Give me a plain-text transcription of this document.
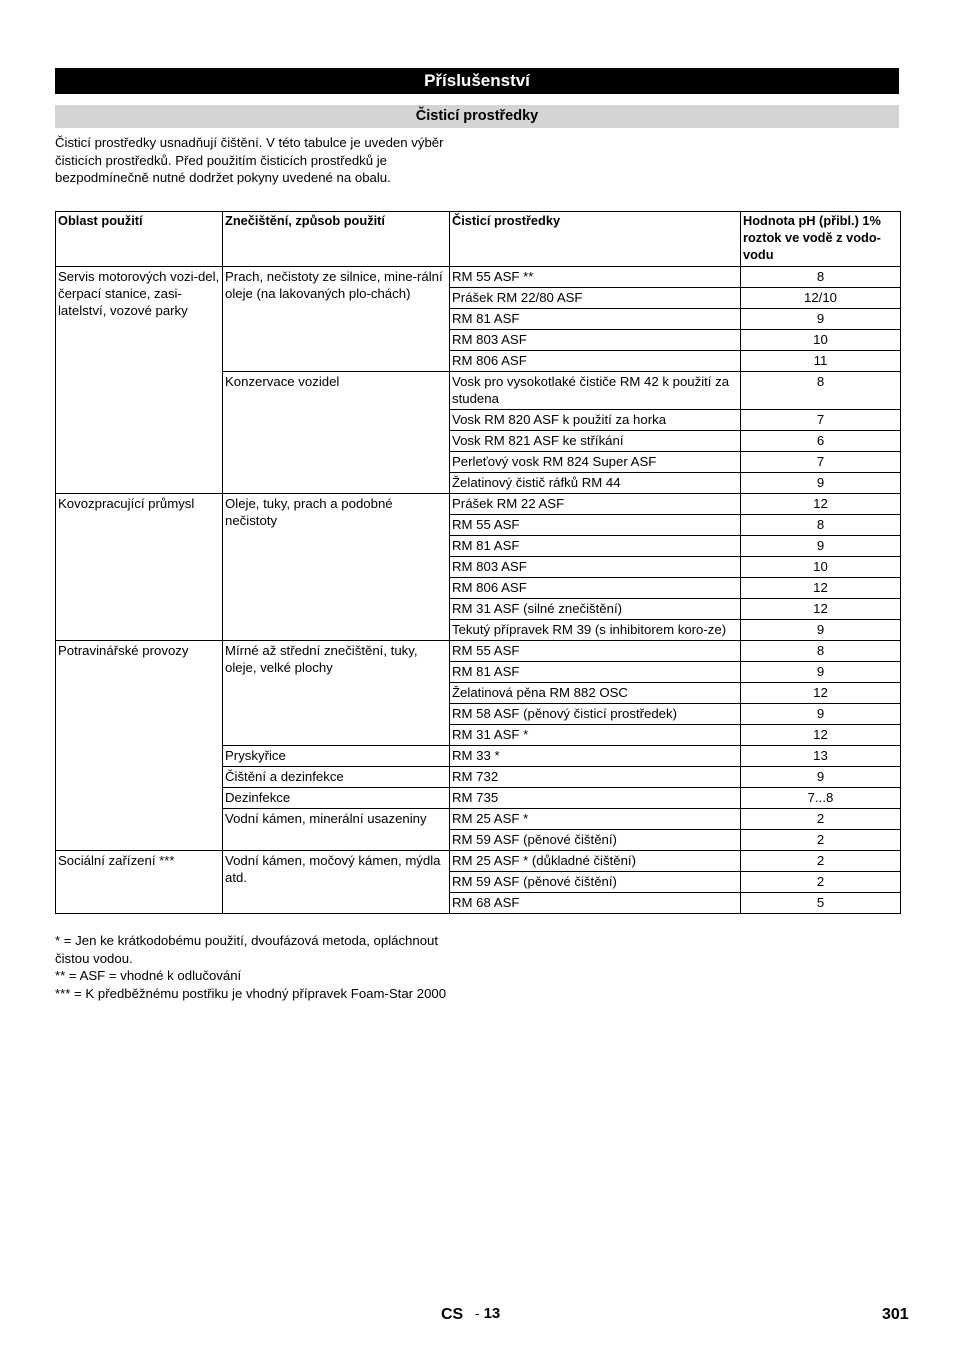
Příslušenství
Čisticí prostředky
Čisticí prostředky usnadňují čištění. V této tabulce je uveden výběr čisticích prostředků. Před použitím čisticích prostředků je bezpodmínečně nutné dodržet pokyny uvedené na obalu.
Oblast použití	Znečištění, způsob použití	Čisticí prostředky	Hodnota pH (přibl.) 1% roztok ve vodě z vodo-vodu
Servis motorových vozi-del, čerpací stanice, zasi-latelství, vozové parky	Prach, nečistoty ze silnice, mine-rální oleje (na lakovaných plo-chách)	RM 55 ASF **	8
		Prášek RM 22/80 ASF	12/10
		RM 81 ASF	9
		RM 803 ASF	10
		RM 806 ASF	11
	Konzervace vozidel	Vosk pro vysokotlaké čističe RM 42 k použití za studena	8
		Vosk RM 820 ASF k použití za horka	7
		Vosk RM 821 ASF ke stříkání	6
		Perleťový vosk RM 824 Super ASF	7
		Želatinový čistič ráfků RM 44	9
Kovozpracující průmysl	Oleje, tuky, prach a podobné nečistoty	Prášek RM 22 ASF	12
		RM 55 ASF	8
		RM 81 ASF	9
		RM 803 ASF	10
		RM 806 ASF	12
		RM 31 ASF (silné znečištění)	12
		Tekutý přípravek RM 39 (s inhibitorem koro-ze)	9
Potravinářské provozy	Mírné až střední znečištění, tuky, oleje, velké plochy	RM 55 ASF	8
		RM 81 ASF	9
		Želatinová pěna RM 882 OSC	12
		RM 58 ASF (pěnový čisticí prostředek)	9
		RM 31 ASF *	12
	Pryskyřice	RM 33 *	13
	Čištění a dezinfekce	RM 732	9
	Dezinfekce	RM 735	7...8
	Vodní kámen, minerální usazeniny	RM 25 ASF *	2
		RM 59 ASF (pěnové čištění)	2
Sociální zařízení ***	Vodní kámen, močový kámen, mýdla atd.	RM 25 ASF * (důkladné čištění)	2
		RM 59 ASF (pěnové čištění)	2
		RM 68 ASF	5
* = Jen ke krátkodobému použití, dvoufázová metoda, opláchnout čistou vodou.
** = ASF = vhodné k odlučování
*** = K předběžnému postřiku je vhodný přípravek Foam-Star 2000
CS - 13	301
